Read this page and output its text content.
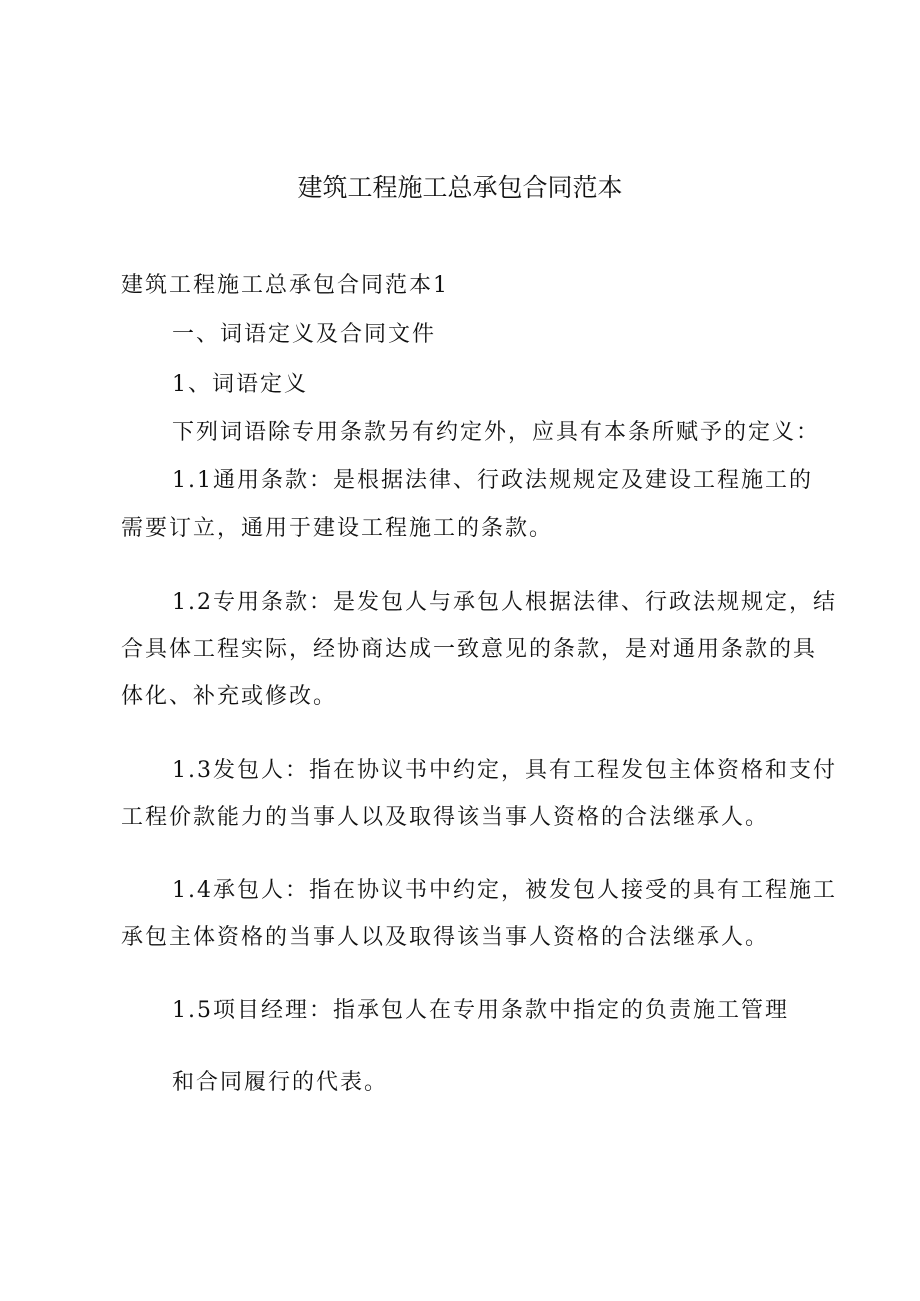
建筑工程施工总承包合同范本

建筑工程施工总承包合同范本1

一、词语定义及合同文件

1、词语定义

下列词语除专用条款另有约定外，应具有本条所赋予的定义：

1.1通用条款：是根据法律、行政法规规定及建设工程施工的

需要订立，通用于建设工程施工的条款。

1.2专用条款：是发包人与承包人根据法律、行政法规规定，结

合具体工程实际，经协商达成一致意见的条款，是对通用条款的具

体化、补充或修改。

1.3发包人：指在协议书中约定，具有工程发包主体资格和支付

工程价款能力的当事人以及取得该当事人资格的合法继承人。

1.4承包人：指在协议书中约定，被发包人接受的具有工程施工

承包主体资格的当事人以及取得该当事人资格的合法继承人。

1.5项目经理：指承包人在专用条款中指定的负责施工管理

和合同履行的代表。
